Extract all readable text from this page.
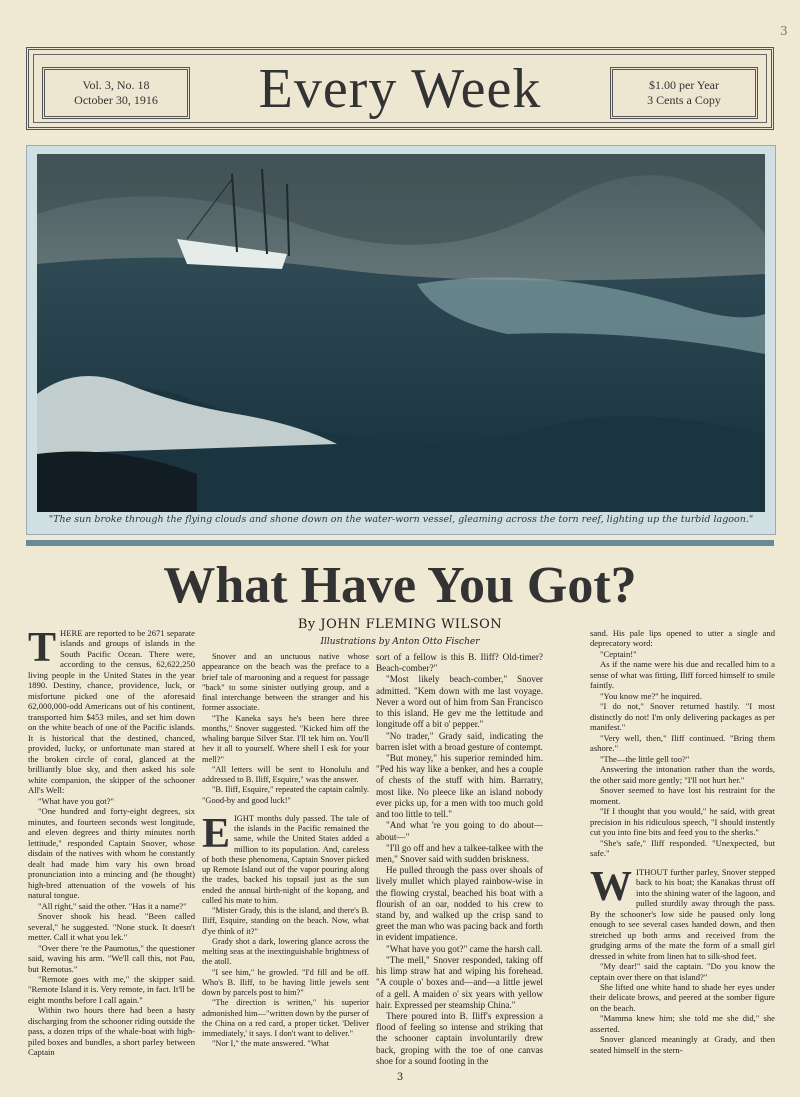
3
Vol. 3, No. 18
October 30, 1916	Every Week	$1.00 per Year
3 Cents a Copy
"The sun broke through the flying clouds and shone down on the water-worn vessel, gleaming across the torn reef, lighting up the turbid lagoon."
What Have You Got?
By JOHN FLEMING WILSON
Illustrations by Anton Otto Fischer
T HERE are reported to be 2671 separate islands and groups of islands in the South Pacific Ocean. There were, according to the census, 62,622,250 living people in the United States in the year 1890. Destiny, chance, providence, luck, or misfortune picked one of the aforesaid 62,000,000-odd Americans out of his continent, transported him $453 miles, and set him down on the white beach of one of the Pacific islands. It is historical that the destined, chanced, provided, lucky, or unfortunate man stared at the broken circle of coral, glanced at the brilliantly blue sky, and then asked his sole white companion, the skipper of the schooner All's Well:

"What have you got?"

"One hundred and forty-eight degrees, six minutes, and fourteen seconds west longitude, and eleven degrees and thirty minutes north lettitude," responded Captain Snover, whose disdain of the natives with whom he constantly dealt had made him vary his own broad pronunciation into a mincing and (he thought) high-bred attenuation of the vowels of his natural tongue.

"All right," said the other. "Has it a name?"

Snover shook his head. "Been called several," he suggested. "None stuck. It doesn't metter. Call it what you lek."

"Over there 're the Paumotus," the questioner said, waving his arm. "We'll call this, not Pau, but Remotus."

"Remote goes with me," the skipper said. "Remote Island it is. Very remote, in fact. It'll be eight months before I call again."

Within two hours there had been a hasty discharging from the schooner riding outside the pass, a dozen trips of the whale-boat with high-piled boxes and bundles, a short parley between Captain

Snover and an unctuous native whose appearance on the beach was the preface to a brief tale of marooning and a request for passage "back" to some sinister outlying group, and a final interchange between the stranger and his former associate.

"The Kaneka says he's been here three months," Snover suggested. "Kicked him off the whaling barque Silver Star. I'll tek him on. You'll hev it all to yourself. Where shell I esk for your mell?"

"All letters will be sent to Honolulu and addressed to B. Iliff, Esquire," was the answer.

"B. Iliff, Esquire," repeated the captain calmly. "Good-by and good luck!"

E IGHT months duly passed. The tale of the islands in the Pacific remained the same, while the United States added a million to its population. And, careless of both these phenomena, Captain Snover picked up Remote Island out of the vapor pouring along the trades, backed his topsail just as the sun ended the annual birth-night of the kopang, and called his mate to him.

"Mister Grady, this is the island, and there's B. Iliff, Esquire, standing on the beach. Now, what d'ye think of it?"

Grady shot a dark, lowering glance across the melting seas at the inextinguishable brightness of the atoll.

"I see him," he growled. "I'd fill and be off. Who's B. Iliff, to be having little jewels sent down by parcels post to him?"

"The direction is written," his superior admonished him—"written down by the purser of the China on a red card, a proper ticket. 'Deliver immediately,' it says. I don't want to deliver."

"Nor I," the mate answered. "What

sort of a fellow is this B. Iliff? Old-timer? Beach-comber?"

"Most likely beach-comber," Snover admitted. "Kem down with me last voyage. Never a word out of him from San Francisco to this island. He gev me the lettitude and longitude off a bit o' pepper."

"No trader," Grady said, indicating the barren islet with a broad gesture of contempt.

"But money," his superior reminded him. "Ped his way like a benker, and hes a couple of chests of the stuff with him. Barratry, most like. No pleece like an island nobody ever picks up, for a men with too much gold and too little to tell."

"And what 're you going to do about—about—"

"I'll go off and hev a talkee-talkee with the men," Snover said with sudden briskness.

He pulled through the pass over shoals of lively mullet which played rainbow-wise in the flowing crystal, beached his boat with a flourish of an oar, nodded to his crew to stand by, and walked up the crisp sand to greet the man who was pacing back and forth in evident impatience.

"What have you got?" came the harsh call.

"The mell," Snover responded, taking off his limp straw hat and wiping his forehead. "A couple o' boxes and—and—a little jewel of a gell. A maiden o' six years with yellow hair. Expressed per steamship China."

There poured into B. Iliff's expression a flood of feeling so intense and striking that the schooner captain involuntarily drew back, groping with the toe of one canvas shoe for a sound footing in the

sand. His pale lips opened to utter a single and deprecatory word:

"Ceptain!"

As if the name were his due and recalled him to a sense of what was fitting, Iliff forced himself to smile faintly.

"You know me?" he inquired.

"I do not," Snover returned hastily. "I most distinctly do not! I'm only delivering packages as per manifest."

"Very well, then," Iliff continued. "Bring them ashore."

"The—the little gell too?"

Answering the intonation rather than the words, the other said more gently; "I'll not hurt her."

Snover seemed to have lost his restraint for the moment.

"If I thought that you would," he said, with great precision in his ridiculous speech, "I should instently cut you into fine bits and feed you to the sherks."

"She's safe," Iliff responded. "Unexpected, but safe."

W ITHOUT further parley, Snover stepped back to his boat; the Kanakas thrust off into the shining water of the lagoon, and pulled sturdily away through the pass. By the schooner's low side he paused only long enough to see several cases handed down, and then stretched up both arms and received from the grudging arms of the mate the form of a small girl dressed in white from linen hat to silk-shod feet.

"My dear!" said the captain. "Do you know the ceptain over there on that island?"

She lifted one white hand to shade her eyes under their delicate brows, and peered at the somber figure on the beach.

"Mamma knew him; she told me she did," she asserted.

Snover glanced meaningly at Grady, and then seated himself in the stern-

3
